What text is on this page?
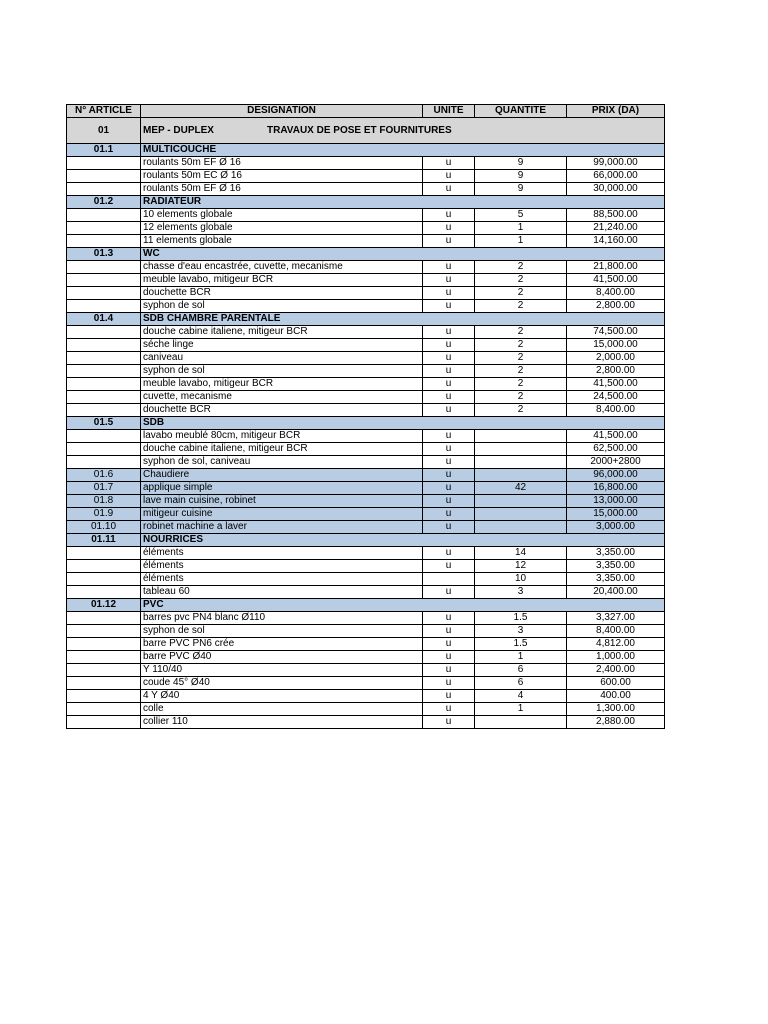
N° ARTICLE	DESIGNATION	UNITE	QUANTITE	PRIX (DA)
01	MEP - DUPLEX TRAVAUX DE POSE ET FOURNITURES			
01.1	MULTICOUCHE			
	roulants 50m EF Ø 16	u	9	99,000.00
	roulants 50m EC Ø 16	u	9	66,000.00
	roulants 50m EF Ø 16	u	9	30,000.00
01.2	RADIATEUR			
	10 elements globale	u	5	88,500.00
	12 elements globale	u	1	21,240.00
	11 elements globale	u	1	14,160.00
01.3	WC			
	chasse d'eau encastrée, cuvette, mecanisme	u	2	21,800.00
	meuble lavabo, mitigeur BCR	u	2	41,500.00
	douchette BCR	u	2	8,400.00
	syphon de sol	u	2	2,800.00
01.4	SDB CHAMBRE PARENTALE			
	douche cabine italiene, mitigeur BCR	u	2	74,500.00
	séche linge	u	2	15,000.00
	caniveau	u	2	2,000.00
	syphon de sol	u	2	2,800.00
	meuble lavabo, mitigeur BCR	u	2	41,500.00
	cuvette, mecanisme	u	2	24,500.00
	douchette BCR	u	2	8,400.00
01.5	SDB			
	lavabo meublé 80cm, mitigeur BCR	u		41,500.00
	douche cabine italiene, mitigeur BCR	u		62,500.00
	syphon de sol, caniveau	u		2000+2800
01.6	Chaudiere	u		96,000.00
01.7	applique simple	u	42	16,800.00
01.8	lave main cuisine, robinet	u		13,000.00
01.9	mitigeur cuisine	u		15,000.00
01.10	robinet machine a laver	u		3,000.00
01.11	NOURRICES			
	éléments	u	14	3,350.00
	éléments	u	12	3,350.00
	éléments		10	3,350.00
	tableau 60	u	3	20,400.00
01.12	PVC			
	barres pvc PN4 blanc Ø110	u	1.5	3,327.00
	syphon de sol	u	3	8,400.00
	barre PVC PN6 crée	u	1.5	4,812.00
	barre PVC Ø40	u	1	1,000.00
	Y 110/40	u	6	2,400.00
	coude 45° Ø40	u	6	600.00
	4 Y Ø40	u	4	400.00
	colle	u	1	1,300.00
	collier 110	u		2,880.00
